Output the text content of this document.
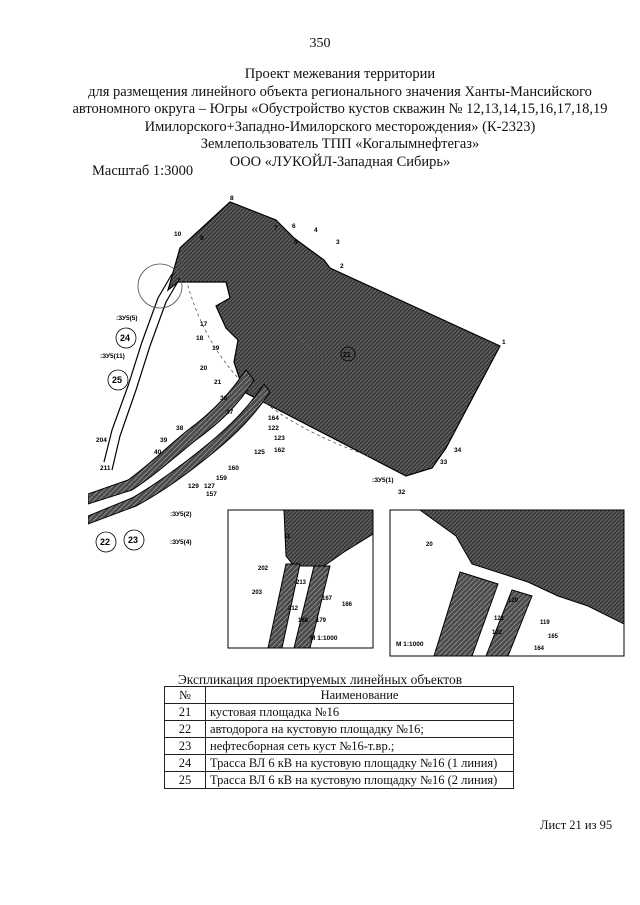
350
Проект межевания территории
для размещения линейного объекта регионального значения Ханты-Мансийского
автономного округа – Югры «Обустройство кустов скважин № 12,13,14,15,16,17,18,19
Имилорского+Западно-Имилорского месторождения» (К-2323)
Землепользователь ТПП «Когалымнефтегаз»
ООО «ЛУКОЙЛ-Западная Сибирь»
Масштаб 1:3000
8
10
9
7 6
5
4
3
2
1
17
18
19
20
21
36
37
38
39
40
164
122
123
125 162
160
159
127
129
157
204
211
34
33
32
21
:ЗУ5(5)
:ЗУ5(11)
:ЗУ5(1)
:ЗУ5(2)
:ЗУ5(4)
24
25
22 23	11
202
203
212
213
168 179
167
166
М 1:1000
20
120
121
122
119
165
164
М 1:1000
Экспликация проектируемых линейных объектов
№	Наименование
21	кустовая площадка №16
22	автодорога на кустовую площадку №16;
23	нефтесборная сеть куст №16-т.вр.;
24	Трасса ВЛ 6 кВ на кустовую площадку №16 (1 линия)
25	Трасса ВЛ 6 кВ на кустовую площадку №16 (2 линия)
Лист 21 из 95
